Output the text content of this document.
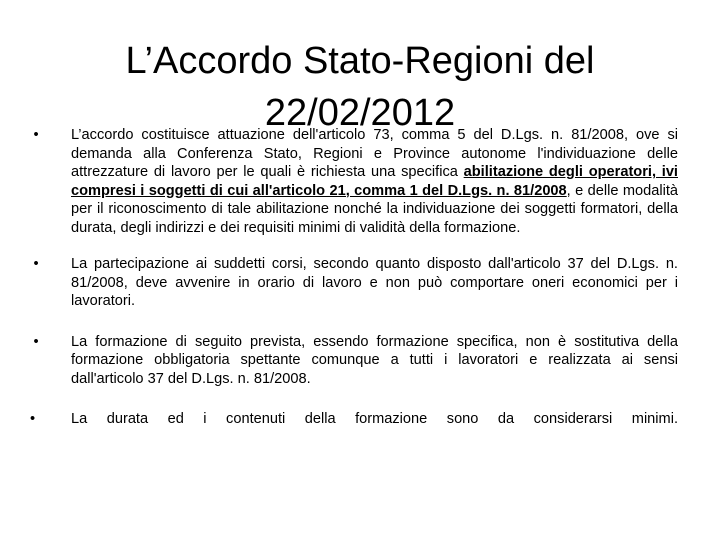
L’Accordo Stato-Regioni del
22/02/2012
• L’accordo costituisce attuazione dell'articolo 73, comma 5 del D.Lgs. n. 81/2008, ove si demanda alla Conferenza Stato, Regioni e Province autonome l'individuazione delle attrezzature di lavoro per le quali è richiesta una specifica abilitazione degli operatori, ivi compresi i soggetti di cui all'articolo 21, comma 1 del D.Lgs. n. 81/2008, e delle modalità per il riconoscimento di tale abilitazione nonché la individuazione dei soggetti formatori, della durata, degli indirizzi e dei requisiti minimi di validità della formazione.
• La partecipazione ai suddetti corsi, secondo quanto disposto dall'articolo 37 del D.Lgs. n. 81/2008, deve avvenire in orario di lavoro e non può comportare oneri economici per i lavoratori.
• La formazione di seguito prevista, essendo formazione specifica, non è sostitutiva della formazione obbligatoria spettante comunque a tutti i lavoratori e realizzata ai sensi dall'articolo 37 del D.Lgs. n. 81/2008.
•	La durata ed i contenuti della formazione sono da considerarsi minimi.
